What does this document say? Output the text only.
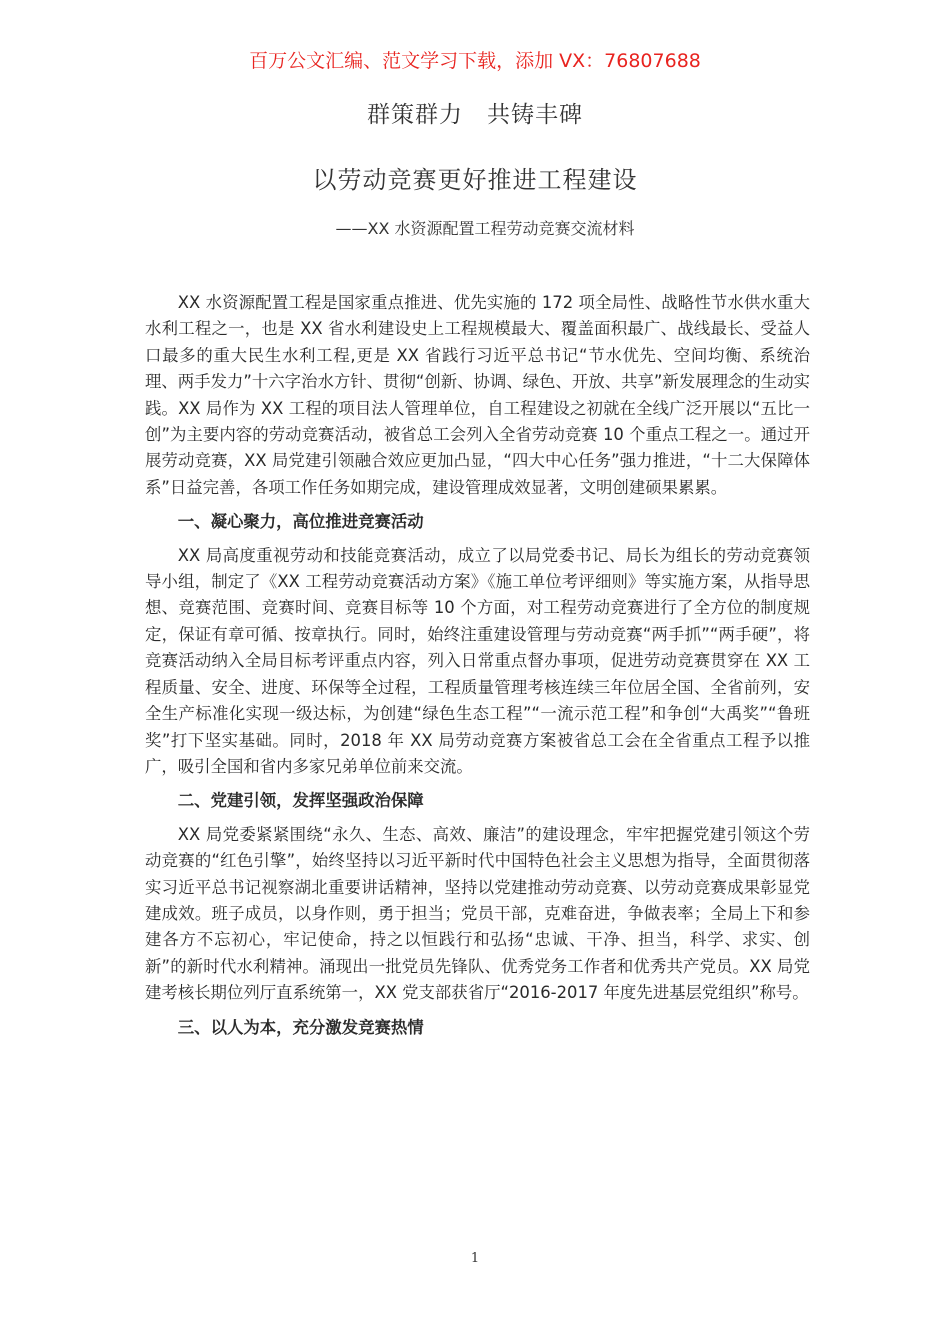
百万公文汇编、范文学习下载，添加 VX：76807688
群策群力　共铸丰碑
以劳动竞赛更好推进工程建设
——XX 水资源配置工程劳动竞赛交流材料

XX 水资源配置工程是国家重点推进、优先实施的 172 项全局性、战略性节水供水重大水利工程之一，也是 XX 省水利建设史上工程规模最大、覆盖面积最广、战线最长、受益人口最多的重大民生水利工程,更是 XX 省践行习近平总书记“节水优先、空间均衡、系统治理、两手发力”十六字治水方针、贯彻“创新、协调、绿色、开放、共享”新发展理念的生动实践。XX 局作为 XX 工程的项目法人管理单位，自工程建设之初就在全线广泛开展以“五比一创”为主要内容的劳动竞赛活动，被省总工会列入全省劳动竞赛 10 个重点工程之一。通过开展劳动竞赛，XX 局党建引领融合效应更加凸显，“四大中心任务”强力推进，“十二大保障体系”日益完善，各项工作任务如期完成，建设管理成效显著，文明创建硕果累累。

一、凝心聚力，高位推进竞赛活动

XX 局高度重视劳动和技能竞赛活动，成立了以局党委书记、局长为组长的劳动竞赛领导小组，制定了《XX 工程劳动竞赛活动方案》《施工单位考评细则》等实施方案，从指导思想、竞赛范围、竞赛时间、竞赛目标等 10 个方面，对工程劳动竞赛进行了全方位的制度规定，保证有章可循、按章执行。同时，始终注重建设管理与劳动竞赛“两手抓”“两手硬”，将竞赛活动纳入全局目标考评重点内容，列入日常重点督办事项，促进劳动竞赛贯穿在 XX 工程质量、安全、进度、环保等全过程，工程质量管理考核连续三年位居全国、全省前列，安全生产标准化实现一级达标，为创建“绿色生态工程”“一流示范工程”和争创“大禹奖”“鲁班奖”打下坚实基础。同时，2018 年 XX 局劳动竞赛方案被省总工会在全省重点工程予以推广，吸引全国和省内多家兄弟单位前来交流。

二、党建引领，发挥坚强政治保障

XX 局党委紧紧围绕“永久、生态、高效、廉洁”的建设理念，牢牢把握党建引领这个劳动竞赛的“红色引擎”，始终坚持以习近平新时代中国特色社会主义思想为指导，全面贯彻落实习近平总书记视察湖北重要讲话精神，坚持以党建推动劳动竞赛、以劳动竞赛成果彰显党建成效。班子成员，以身作则，勇于担当；党员干部，克难奋进，争做表率；全局上下和参建各方不忘初心，牢记使命，持之以恒践行和弘扬“忠诚、干净、担当，科学、求实、创新”的新时代水利精神。涌现出一批党员先锋队、优秀党务工作者和优秀共产党员。XX 局党建考核长期位列厅直系统第一，XX 党支部获省厅“2016-2017 年度先进基层党组织”称号。

三、以人为本，充分激发竞赛热情
1
